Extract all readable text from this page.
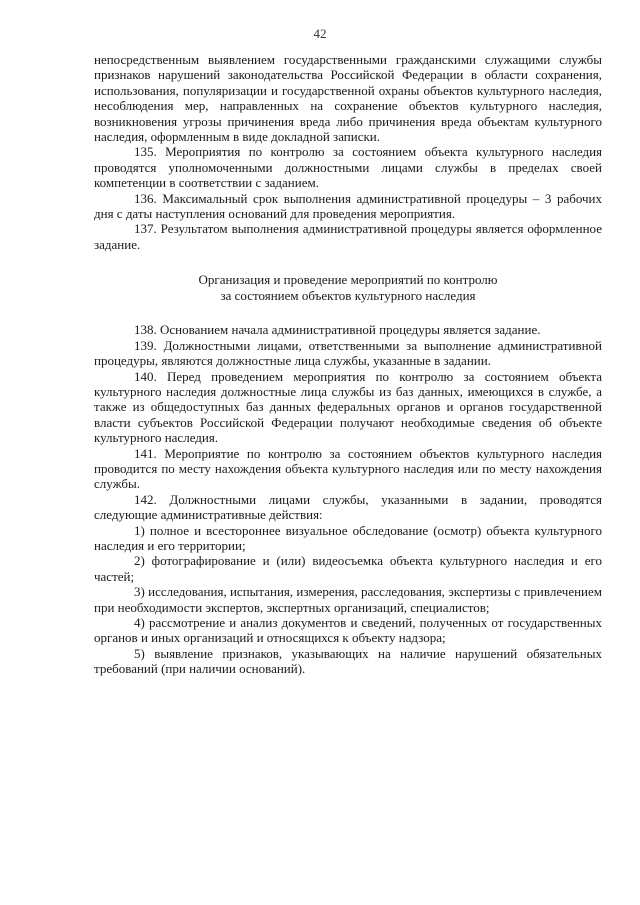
42

непосредственным выявлением государственными гражданскими служащими службы признаков нарушений законодательства Российской Федерации в области сохранения, использования, популяризации и государственной охраны объектов культурного наследия, несоблюдения мер, направленных на сохранение объектов культурного наследия, возникновения угрозы причинения вреда либо причинения вреда объектам культурного наследия, оформленным в виде докладной записки.

135. Мероприятия по контролю за состоянием объекта культурного наследия проводятся уполномоченными должностными лицами службы в пределах своей компетенции в соответствии с заданием.

136. Максимальный срок выполнения административной процедуры – 3 рабочих дня с даты наступления оснований для проведения мероприятия.

137. Результатом выполнения административной процедуры является оформленное задание.

Организация и проведение мероприятий по контролю
за состоянием объектов культурного наследия

138. Основанием начала административной процедуры является задание.

139. Должностными лицами, ответственными за выполнение административной процедуры, являются должностные лица службы, указанные в задании.

140. Перед проведением мероприятия по контролю за состоянием объекта культурного наследия должностные лица службы из баз данных, имеющихся в службе, а также из общедоступных баз данных федеральных органов и органов государственной власти субъектов Российской Федерации получают необходимые сведения об объекте культурного наследия.

141. Мероприятие по контролю за состоянием объектов культурного наследия проводится по месту нахождения объекта культурного наследия или по месту нахождения службы.

142. Должностными лицами службы, указанными в задании, проводятся следующие административные действия:

1) полное и всестороннее визуальное обследование (осмотр) объекта культурного наследия и его территории;

2) фотографирование и (или) видеосъемка объекта культурного наследия и его частей;

3) исследования, испытания, измерения, расследования, экспертизы с привлечением при необходимости экспертов, экспертных организаций, специалистов;

4) рассмотрение и анализ документов и сведений, полученных от государственных органов и иных организаций и относящихся к объекту надзора;

5) выявление признаков, указывающих на наличие нарушений обязательных требований (при наличии оснований).
